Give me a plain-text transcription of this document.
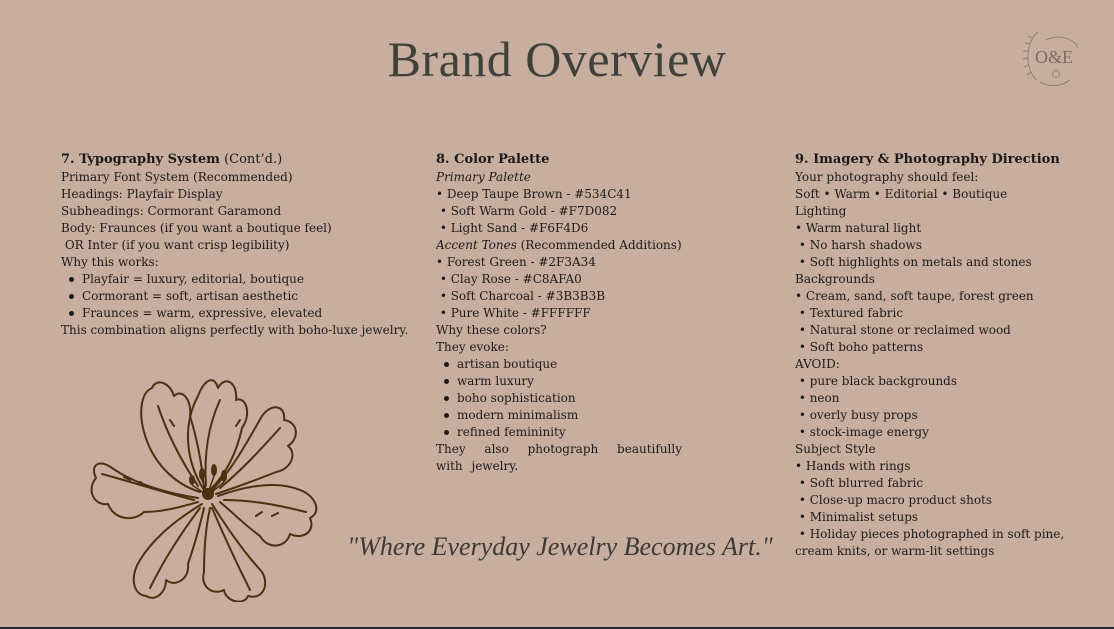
Brand Overview	O&E
7. Typography System (Cont’d.)
Primary Font System (Recommended)
Headings: Playfair Display
Subheadings: Cormorant Garamond
Body: Fraunces (if you want a boutique feel)
OR Inter (if you want crisp legibility)
Why this works:
Playfair = luxury, editorial, boutique
Cormorant = soft, artisan aesthetic
Fraunces = warm, expressive, elevated
This combination aligns perfectly with boho-luxe jewelry.
8. Color Palette
Primary Palette
• Deep Taupe Brown - #534C41
• Soft Warm Gold - #F7D082
• Light Sand - #F6F4D6
Accent Tones (Recommended Additions)
• Forest Green - #2F3A34
• Clay Rose - #C8AFA0
• Soft Charcoal - #3B3B3B
• Pure White - #FFFFFF
Why these colors?
They evoke:
artisan boutique
warm luxury
boho sophistication
modern minimalism
refined femininity
They also photograph beautifully with jewelry.
9. Imagery & Photography Direction
Your photography should feel:
Soft • Warm • Editorial • Boutique
Lighting
• Warm natural light
• No harsh shadows
• Soft highlights on metals and stones
Backgrounds
• Cream, sand, soft taupe, forest green
• Textured fabric
• Natural stone or reclaimed wood
• Soft boho patterns
AVOID:
• pure black backgrounds
• neon
• overly busy props
• stock-image energy
Subject Style
• Hands with rings
• Soft blurred fabric
• Close-up macro product shots
• Minimalist setups
• Holiday pieces photographed in soft pine,
cream knits, or warm-lit settings
"Where Everyday Jewelry Becomes Art."
